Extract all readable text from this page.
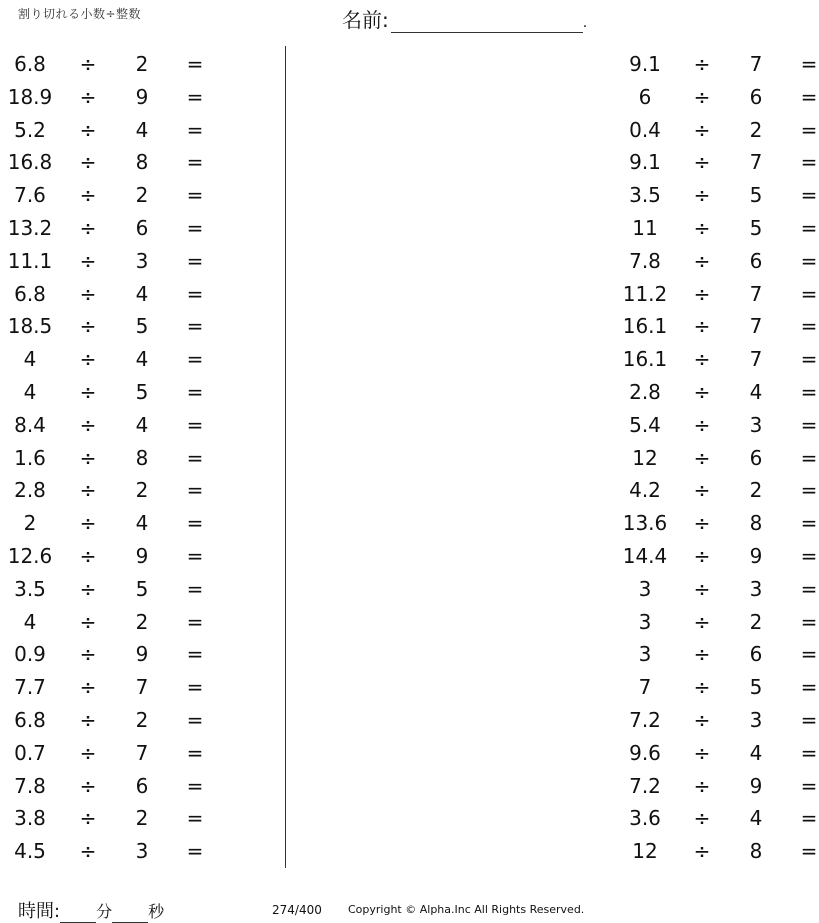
割り切れる小数÷整数	名前:	.
6.8	÷ 2 =
18.9	÷ 9 =
5.2	÷ 4 =
16.8	÷ 8 =
7.6	÷ 2 =
13.2	÷ 6 =
11.1	÷ 3 =
6.8	÷ 4 =
18.5	÷ 5 =
4	÷ 4 =
4	÷ 5 =
8.4	÷ 4 =
1.6	÷ 8 =
2.8	÷ 2 =
2	÷ 4 =
12.6	÷ 9 =
3.5	÷ 5 =
4	÷ 2 =
0.9	÷ 9 =
7.7	÷ 7 =
6.8	÷ 2 =
0.7	÷ 7 =
7.8	÷ 6 =
3.8	÷ 2 =
4.5	÷ 3 =
9.1	÷ 7 =
6	÷ 6 =
0.4	÷ 2 =
9.1	÷ 7 =
3.5	÷ 5 =
11	÷ 5 =
7.8	÷ 6 =
11.2	÷ 7 =
16.1	÷ 7 =
16.1	÷ 7 =
2.8	÷ 4 =
5.4	÷ 3 =
12	÷ 6 =
4.2	÷ 2 =
13.6	÷ 8 =
14.4	÷ 9 =
3	÷ 3 =
3	÷ 2 =
3	÷ 6 =
7	÷ 5 =
7.2	÷ 3 =
9.6	÷ 4 =
7.2	÷ 9 =
3.6	÷ 4 =
12	÷ 8 =
時間: 分 秒	274/400 Copyright © Alpha.Inc All Rights Reserved.
